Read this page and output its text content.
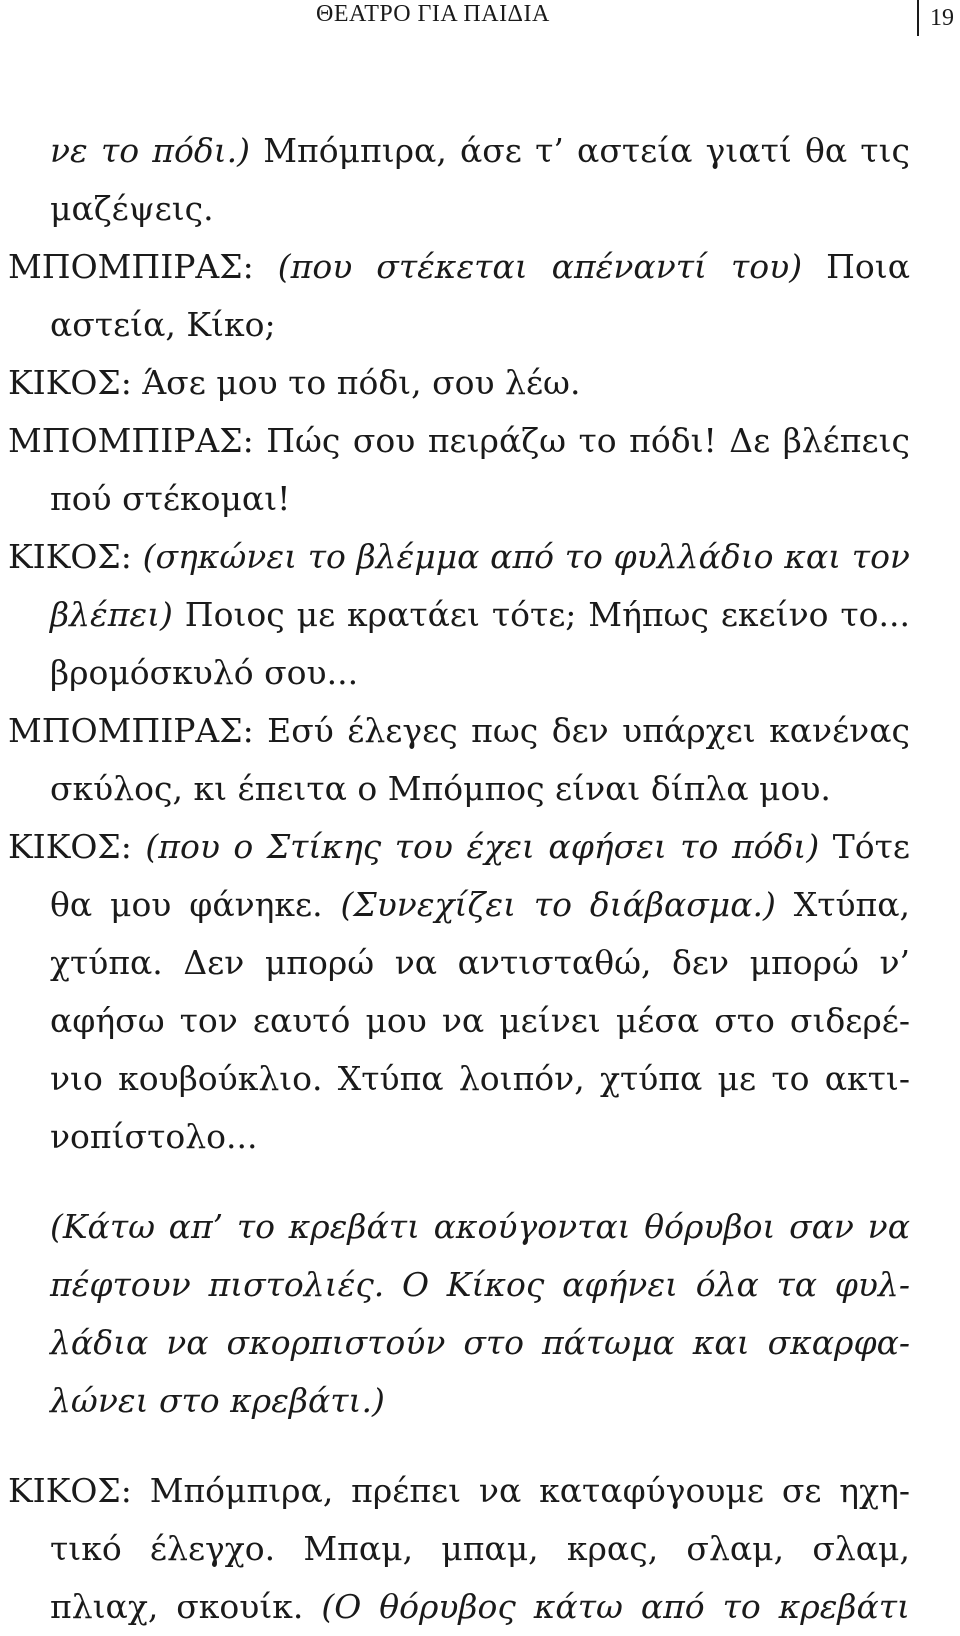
ΘΕΑΤΡΟ ΓΙΑ ΠΑΙΔΙΑ	19
νε το πόδι.) Μπόμπιρα, άσε τ’ αστεία γιατί θα τις
μαζέψεις.
ΜΠΟΜΠΙΡΑΣ: (που στέκεται απέναντί του) Ποια
αστεία, Κίκο;
ΚΙΚΟΣ: Άσε μου το πόδι, σου λέω.
ΜΠΟΜΠΙΡΑΣ: Πώς σου πειράζω το πόδι! Δε βλέπεις
πού στέκομαι!
ΚΙΚΟΣ: (σηκώνει το βλέμμα από το φυλλάδιο και τον
βλέπει) Ποιος με κρατάει τότε; Μήπως εκείνο το...
βρομόσκυλό σου...
ΜΠΟΜΠΙΡΑΣ: Εσύ έλεγες πως δεν υπάρχει κανένας
σκύλος, κι έπειτα ο Μπόμπος είναι δίπλα μου.
ΚΙΚΟΣ: (που ο Στίκης του έχει αφήσει το πόδι) Τότε
θα μου φάνηκε. (Συνεχίζει το διάβασμα.) Χτύπα,
χτύπα. Δεν μπορώ να αντισταθώ, δεν μπορώ ν’
αφήσω τον εαυτό μου να μείνει μέσα στο σιδερέ-
νιο κουβούκλιο. Χτύπα λοιπόν, χτύπα με το ακτι-
νοπίστολο...
(Κάτω απ’ το κρεβάτι ακούγονται θόρυβοι σαν να
πέφτουν πιστολιές. Ο Κίκος αφήνει όλα τα φυλ-
λάδια να σκορπιστούν στο πάτωμα και σκαρφα-
λώνει στο κρεβάτι.)
ΚΙΚΟΣ: Μπόμπιρα, πρέπει να καταφύγουμε σε ηχη-
τικό έλεγχο. Μπαμ, μπαμ, κρας, σλαμ, σλαμ,
πλιαχ, σκουίκ. (Ο θόρυβος κάτω από το κρεβάτι
